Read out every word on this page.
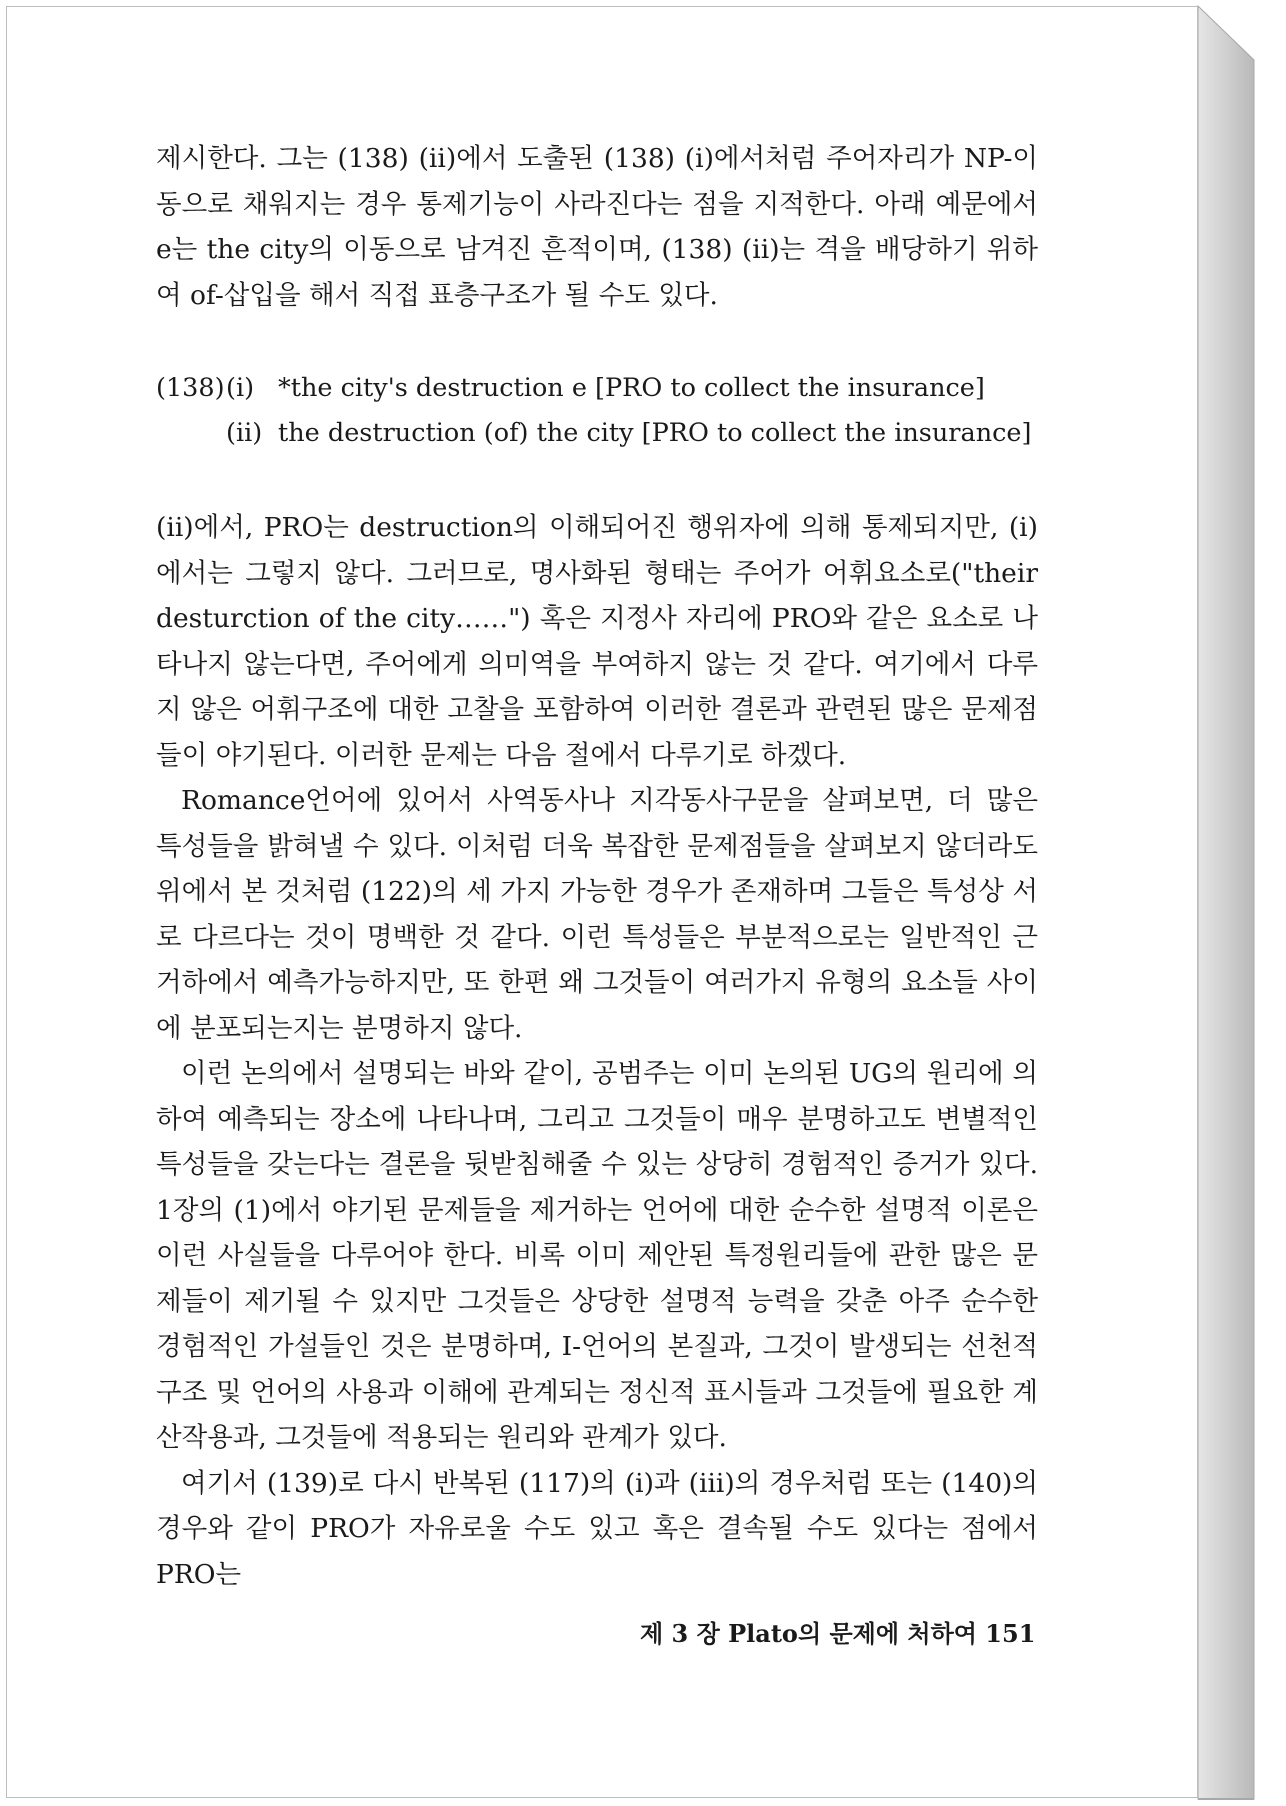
제시한다. 그는 (138) (ii)에서 도출된 (138) (i)에서처럼 주어자리가 NP-이동으로 채워지는 경우 통제기능이 사라진다는 점을 지적한다. 아래 예문에서 e는 the city의 이동으로 남겨진 흔적이며, (138) (ii)는 격을 배당하기 위하여 of-삽입을 해서 직접 표층구조가 될 수도 있다.

(138)(i) *the city's destruction e [PRO to collect the insurance]
(ii) the destruction (of) the city [PRO to collect the insurance]

(ii)에서, PRO는 destruction의 이해되어진 행위자에 의해 통제되지만, (i)에서는 그렇지 않다. 그러므로, 명사화된 형태는 주어가 어휘요소로("their desturction of the city……") 혹은 지정사 자리에 PRO와 같은 요소로 나타나지 않는다면, 주어에게 의미역을 부여하지 않는 것 같다. 여기에서 다루지 않은 어휘구조에 대한 고찰을 포함하여 이러한 결론과 관련된 많은 문제점들이 야기된다. 이러한 문제는 다음 절에서 다루기로 하겠다.

Romance언어에 있어서 사역동사나 지각동사구문을 살펴보면, 더 많은 특성들을 밝혀낼 수 있다. 이처럼 더욱 복잡한 문제점들을 살펴보지 않더라도 위에서 본 것처럼 (122)의 세 가지 가능한 경우가 존재하며 그들은 특성상 서로 다르다는 것이 명백한 것 같다. 이런 특성들은 부분적으로는 일반적인 근거하에서 예측가능하지만, 또 한편 왜 그것들이 여러가지 유형의 요소들 사이에 분포되는지는 분명하지 않다.

이런 논의에서 설명되는 바와 같이, 공범주는 이미 논의된 UG의 원리에 의하여 예측되는 장소에 나타나며, 그리고 그것들이 매우 분명하고도 변별적인 특성들을 갖는다는 결론을 뒷받침해줄 수 있는 상당히 경험적인 증거가 있다. 1장의 (1)에서 야기된 문제들을 제거하는 언어에 대한 순수한 설명적 이론은 이런 사실들을 다루어야 한다. 비록 이미 제안된 특정원리들에 관한 많은 문제들이 제기될 수 있지만 그것들은 상당한 설명적 능력을 갖춘 아주 순수한 경험적인 가설들인 것은 분명하며, I-언어의 본질과, 그것이 발생되는 선천적 구조 및 언어의 사용과 이해에 관계되는 정신적 표시들과 그것들에 필요한 계산작용과, 그것들에 적용되는 원리와 관계가 있다.

여기서 (139)로 다시 반복된 (117)의 (i)과 (iii)의 경우처럼 또는 (140)의 경우와 같이 PRO가 자유로울 수도 있고 혹은 결속될 수도 있다는 점에서 PRO는

제 3 장 Plato의 문제에 처하여 151
